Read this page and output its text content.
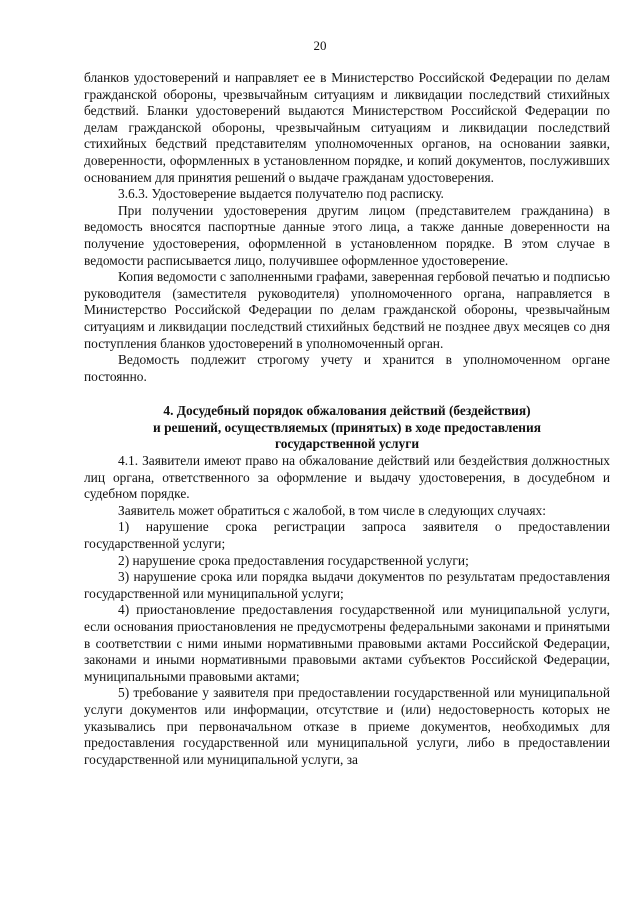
20

бланков удостоверений и направляет ее в Министерство Российской Федерации по делам гражданской обороны, чрезвычайным ситуациям и ликвидации последствий стихийных бедствий. Бланки удостоверений выдаются Министерством Российской Федерации по делам гражданской обороны, чрезвычайным ситуациям и ликвидации последствий стихийных бедствий представителям уполномоченных органов, на основании заявки, доверенности, оформленных в установленном порядке, и копий документов, послуживших основанием для принятия решений о выдаче гражданам удостоверения.

3.6.3. Удостоверение выдается получателю под расписку.

При получении удостоверения другим лицом (представителем гражданина) в ведомость вносятся паспортные данные этого лица, а также данные доверенности на получение удостоверения, оформленной в установленном порядке. В этом случае в ведомости расписывается лицо, получившее оформленное удостоверение.

Копия ведомости с заполненными графами, заверенная гербовой печатью и подписью руководителя (заместителя руководителя) уполномоченного органа, направляется в Министерство Российской Федерации по делам гражданской обороны, чрезвычайным ситуациям и ликвидации последствий стихийных бедствий не позднее двух месяцев со дня поступления бланков удостоверений в уполномоченный орган.

Ведомость подлежит строгому учету и хранится в уполномоченном органе постоянно.

4. Досудебный порядок обжалования действий (бездействия)
и решений, осуществляемых (принятых) в ходе предоставления
государственной услуги

4.1. Заявители имеют право на обжалование действий или бездействия должностных лиц органа, ответственного за оформление и выдачу удостоверения, в досудебном и судебном порядке.

Заявитель может обратиться с жалобой, в том числе в следующих случаях:

1) нарушение срока регистрации запроса заявителя о предоставлении государственной услуги;

2) нарушение срока предоставления государственной услуги;

3) нарушение срока или порядка выдачи документов по результатам предоставления государственной или муниципальной услуги;

4) приостановление предоставления государственной или муниципальной услуги, если основания приостановления не предусмотрены федеральными законами и принятыми в соответствии с ними иными нормативными правовыми актами Российской Федерации, законами и иными нормативными правовыми актами субъектов Российской Федерации, муниципальными правовыми актами;

5) требование у заявителя при предоставлении государственной или муниципальной услуги документов или информации, отсутствие и (или) недостоверность которых не указывались при первоначальном отказе в приеме документов, необходимых для предоставления государственной или муниципальной услуги, либо в предоставлении государственной или муниципальной услуги, за
